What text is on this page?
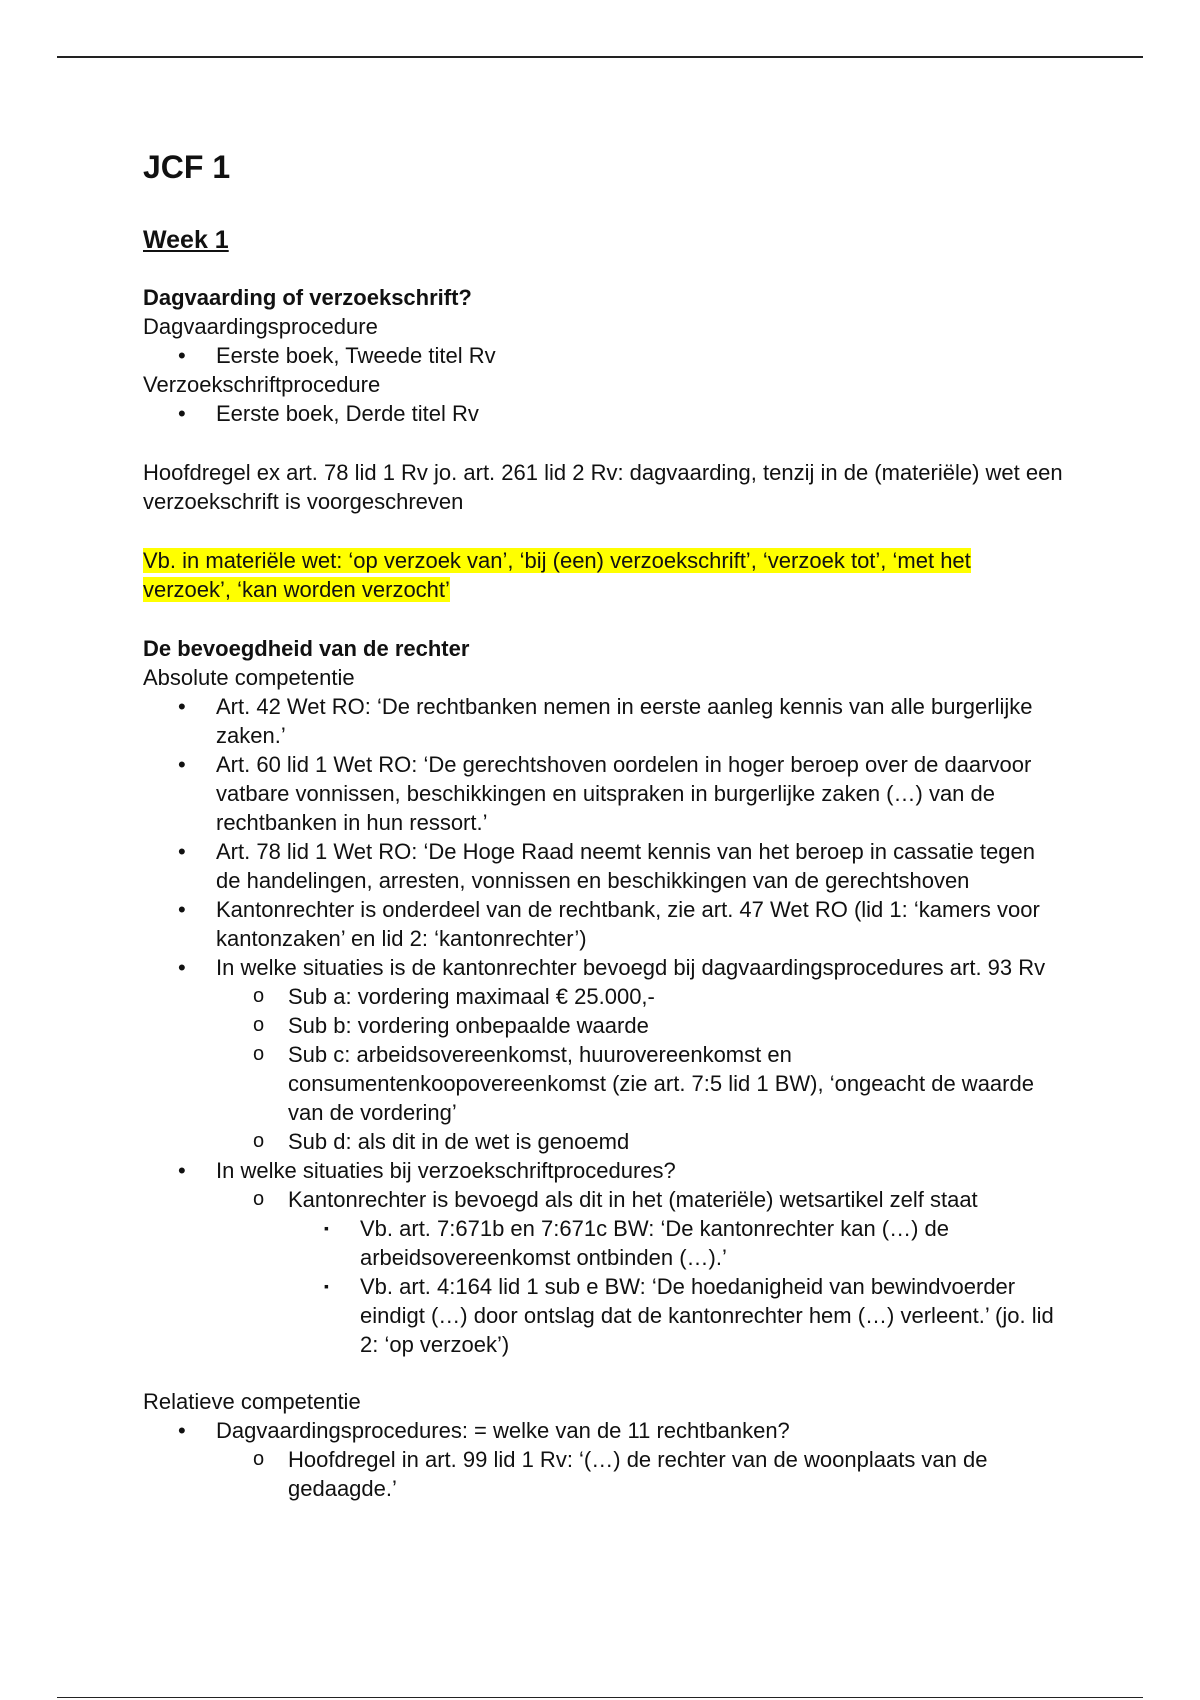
JCF 1
Week 1

Dagvaarding of verzoekschrift?

Dagvaardingsprocedure

• Eerste boek, Tweede titel Rv

Verzoekschriftprocedure

• Eerste boek, Derde titel Rv

Hoofdregel ex art. 78 lid 1 Rv jo. art. 261 lid 2 Rv: dagvaarding, tenzij in de (materiële) wet een verzoekschrift is voorgeschreven

Vb. in materiële wet: ‘op verzoek van’, ‘bij (een) verzoekschrift’, ‘verzoek tot’, ‘met het verzoek’, ‘kan worden verzocht’

De bevoegdheid van de rechter

Absolute competentie

• Art. 42 Wet RO: ‘De rechtbanken nemen in eerste aanleg kennis van alle burgerlijke zaken.’
• Art. 60 lid 1 Wet RO: ‘De gerechtshoven oordelen in hoger beroep over de daarvoor vatbare vonnissen, beschikkingen en uitspraken in burgerlijke zaken (…) van de rechtbanken in hun ressort.’
• Art. 78 lid 1 Wet RO: ‘De Hoge Raad neemt kennis van het beroep in cassatie tegen de handelingen, arresten, vonnissen en beschikkingen van de gerechtshoven
• Kantonrechter is onderdeel van de rechtbank, zie art. 47 Wet RO (lid 1: ‘kamers voor kantonzaken’ en lid 2: ‘kantonrechter’)
• In welke situaties is de kantonrechter bevoegd bij dagvaardingsprocedures art. 93 Rv
o Sub a: vordering maximaal € 25.000,-
o Sub b: vordering onbepaalde waarde
o Sub c: arbeidsovereenkomst, huurovereenkomst en consumentenkoopovereenkomst (zie art. 7:5 lid 1 BW), ‘ongeacht de waarde van de vordering’
o Sub d: als dit in de wet is genoemd
• In welke situaties bij verzoekschriftprocedures?
o Kantonrechter is bevoegd als dit in het (materiële) wetsartikel zelf staat
▪ Vb. art. 7:671b en 7:671c BW: ‘De kantonrechter kan (…) de arbeidsovereenkomst ontbinden (…).’
▪ Vb. art. 4:164 lid 1 sub e BW: ‘De hoedanigheid van bewindvoerder eindigt (…) door ontslag dat de kantonrechter hem (…) verleent.’ (jo. lid 2: ‘op verzoek’)

Relatieve competentie

• Dagvaardingsprocedures: = welke van de 11 rechtbanken?
o Hoofdregel in art. 99 lid 1 Rv: ‘(…) de rechter van de woonplaats van de gedaagde.’
